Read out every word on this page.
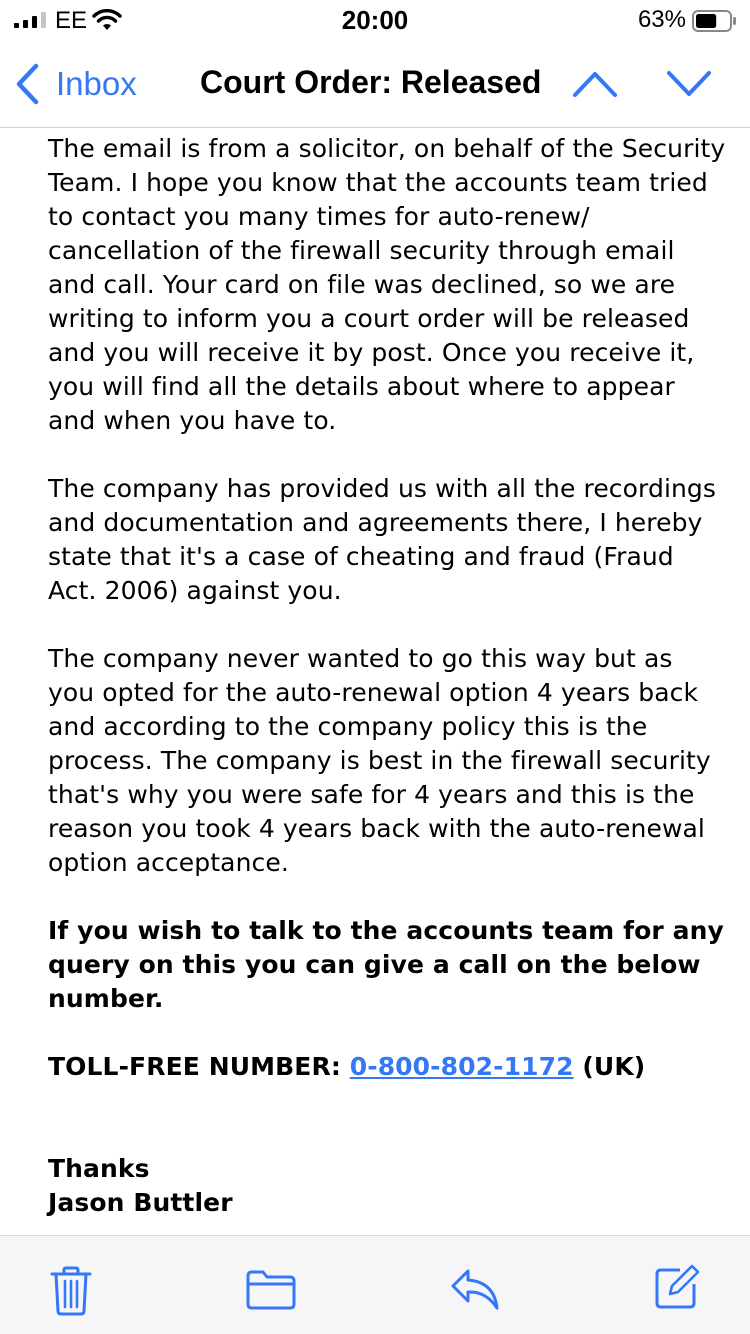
EE	20:00	63%
Inbox Court Order: Released

The email is from a solicitor, on behalf of the Security Team. I hope you know that the accounts team tried to contact you many times for auto-renew/ cancellation of the firewall security through email and call. Your card on file was declined, so we are writing to inform you a court order will be released and you will receive it by post. Once you receive it, you will find all the details about where to appear and when you have to.

The company has provided us with all the recordings and documentation and agreements there, I hereby state that it's a case of cheating and fraud (Fraud Act. 2006) against you.

The company never wanted to go this way but as you opted for the auto-renewal option 4 years back and according to the company policy this is the process. The company is best in the firewall security that's why you were safe for 4 years and this is the reason you took 4 years back with the auto-renewal option acceptance.

If you wish to talk to the accounts team for any query on this you can give a call on the below number.

TOLL-FREE NUMBER: 0-800-802-1172 (UK)

Thanks

Jason Buttler
